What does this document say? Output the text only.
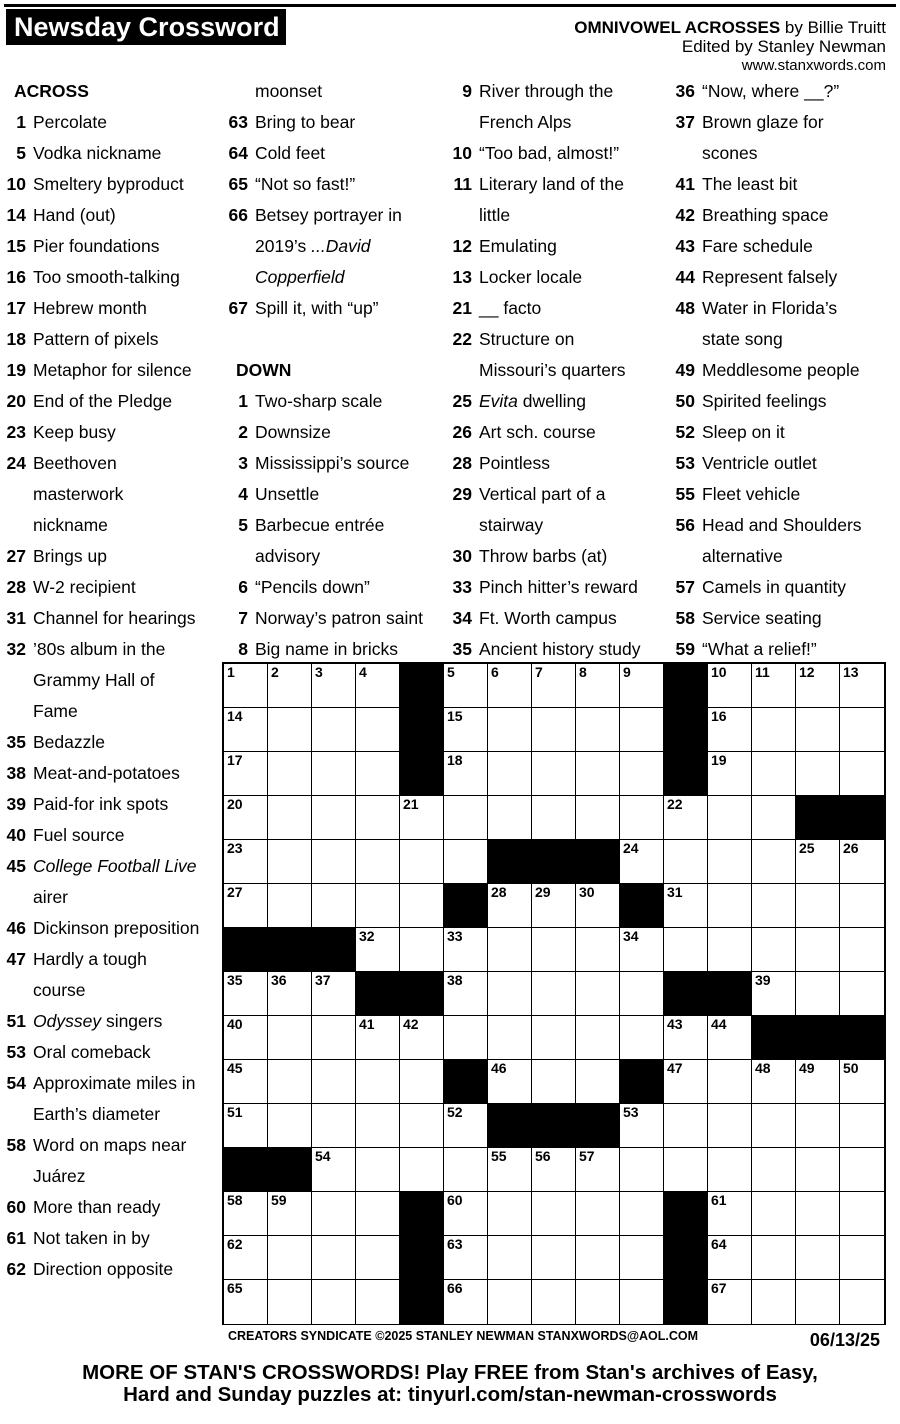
Newsday Crossword	OMNIVOWEL ACROSSES by Billie Truitt
Edited by Stanley Newman
www.stanxwords.com
ACROSS
1 Percolate
5 Vodka nickname
10 Smeltery byproduct
14 Hand (out)
15 Pier foundations
16 Too smooth-talking
17 Hebrew month
18 Pattern of pixels
19 Metaphor for silence
20 End of the Pledge
23 Keep busy
24 Beethoven
masterwork
nickname
27 Brings up
28 W-2 recipient
31 Channel for hearings
32 ’80s album in the
Grammy Hall of
Fame
35 Bedazzle
38 Meat-and-potatoes
39 Paid-for ink spots
40 Fuel source
45 College Football Live
airer
46 Dickinson preposition
47 Hardly a tough
course
51 Odyssey singers
53 Oral comeback
54 Approximate miles in
Earth’s diameter
58 Word on maps near
Juárez
60 More than ready
61 Not taken in by
62 Direction opposite
moonset
63 Bring to bear
64 Cold feet
65 “Not so fast!”
66 Betsey portrayer in
2019’s ...David
Copperfield
67 Spill it, with “up”
DOWN
1 Two-sharp scale
2 Downsize
3 Mississippi’s source
4 Unsettle
5 Barbecue entrée
advisory
6 “Pencils down”
7 Norway’s patron saint
8 Big name in bricks
9 River through the
French Alps
10 “Too bad, almost!”
11 Literary land of the
little
12 Emulating
13 Locker locale
21 __ facto
22 Structure on
Missouri’s quarters
25 Evita dwelling
26 Art sch. course
28 Pointless
29 Vertical part of a
stairway
30 Throw barbs (at)
33 Pinch hitter’s reward
34 Ft. Worth campus
35 Ancient history study
36 “Now, where __?”
37 Brown glaze for
scones
41 The least bit
42 Breathing space
43 Fare schedule
44 Represent falsely
48 Water in Florida’s
state song
49 Meddlesome people
50 Spirited feelings
52 Sleep on it
53 Ventricle outlet
55 Fleet vehicle
56 Head and Shoulders
alternative
57 Camels in quantity
58 Service seating
59 “What a relief!”
1	2	3	4	5	6	7	8	9	10 11 12 13
14	15	16
17	18	19
20	21	22
23	24	25 26
27	28 29 30	31
32	33	34
35 36 37	38	39
40	41 42	43 44
45	46	47	48 49 50
51	52	53
54	55 56 57
58 59	60	61
62	63	64
65	66	67
CREATORS SYNDICATE ©2025 STANLEY NEWMAN STANXWORDS@AOL.COM	06/13/25
MORE OF STAN'S CROSSWORDS! Play FREE from Stan's archives of Easy,
Hard and Sunday puzzles at: tinyurl.com/stan-newman-crosswords
